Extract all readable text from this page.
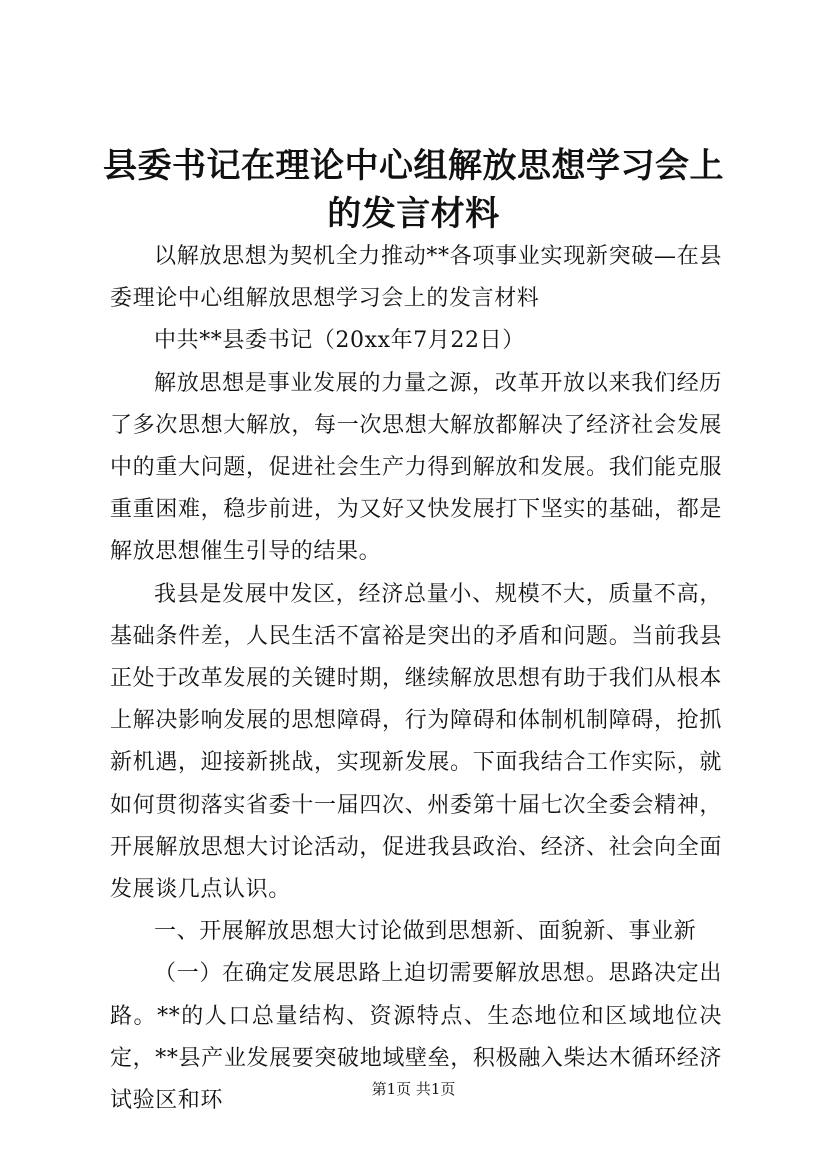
县委书记在理论中心组解放思想学习会上的发言材料

以解放思想为契机全力推动**各项事业实现新突破—在县委理论中心组解放思想学习会上的发言材料

中共**县委书记（20xx年7月22日）

解放思想是事业发展的力量之源，改革开放以来我们经历了多次思想大解放，每一次思想大解放都解决了经济社会发展中的重大问题，促进社会生产力得到解放和发展。我们能克服重重困难，稳步前进，为又好又快发展打下坚实的基础，都是解放思想催生引导的结果。

我县是发展中发区，经济总量小、规模不大，质量不高，基础条件差，人民生活不富裕是突出的矛盾和问题。当前我县正处于改革发展的关键时期，继续解放思想有助于我们从根本上解决影响发展的思想障碍，行为障碍和体制机制障碍，抢抓新机遇，迎接新挑战，实现新发展。下面我结合工作实际，就如何贯彻落实省委十一届四次、州委第十届七次全委会精神，开展解放思想大讨论活动，促进我县政治、经济、社会向全面发展谈几点认识。

一、开展解放思想大讨论做到思想新、面貌新、事业新

（一）在确定发展思路上迫切需要解放思想。思路决定出路。**的人口总量结构、资源特点、生态地位和区域地位决定，**县产业发展要突破地域壁垒，积极融入柴达木循环经济试验区和环	第1页 共1页
